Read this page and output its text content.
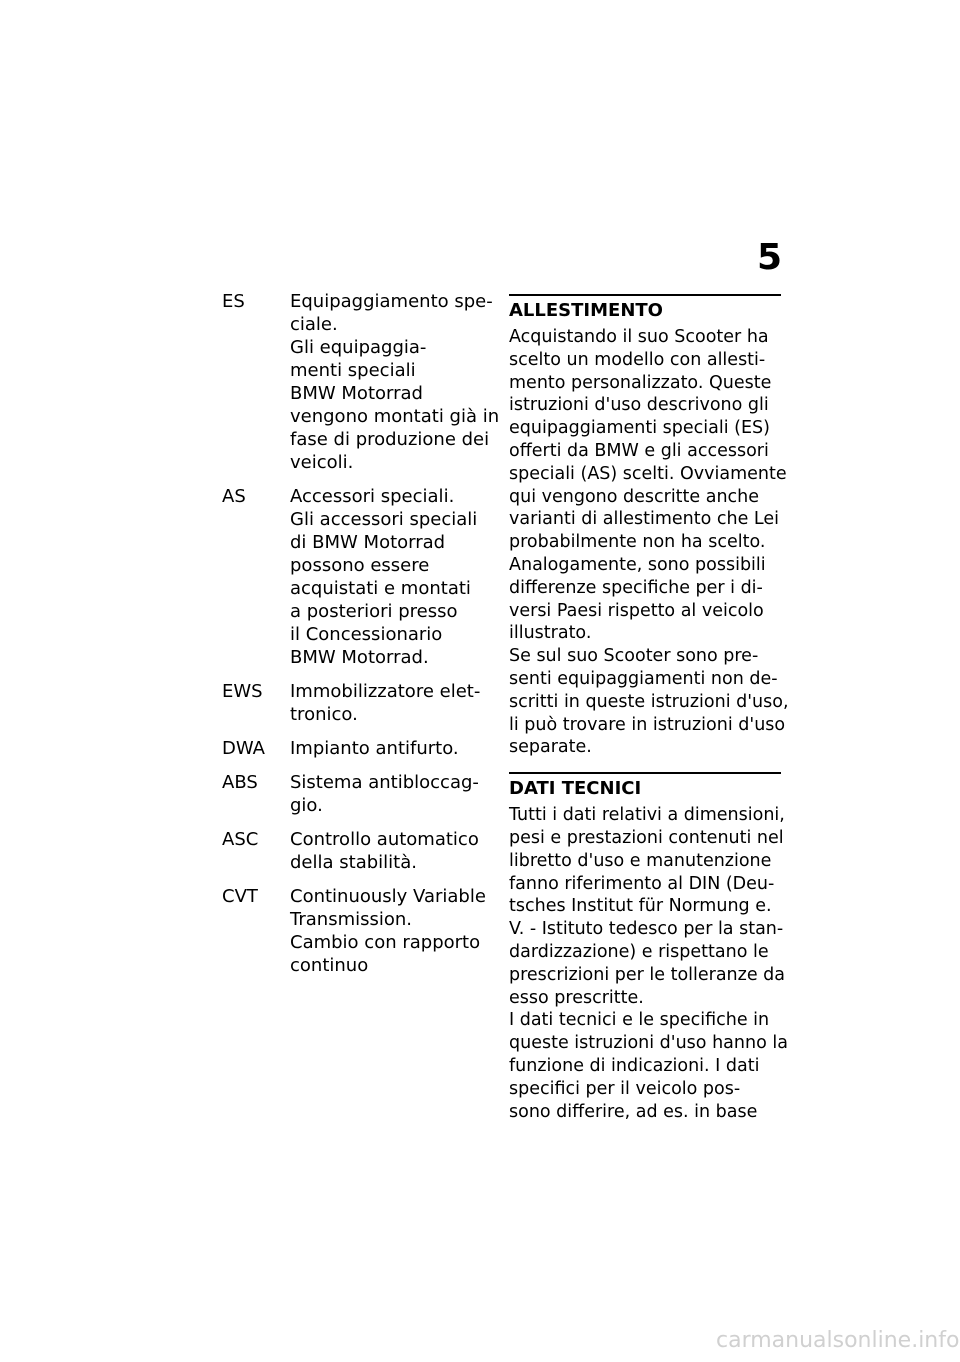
5
ES	Equipaggiamento spe-
ciale.
Gli equipaggia-
menti speciali
BMW Motorrad
vengono montati già in
fase di produzione dei
veicoli.
AS	Accessori speciali.
Gli accessori speciali
di BMW Motorrad
possono essere
acquistati e montati
a posteriori presso
il Concessionario
BMW Motorrad.
EWS	Immobilizzatore elet-
tronico.
DWA	Impianto antifurto.
ABS	Sistema antibloccag-
gio.
ASC	Controllo automatico
della stabilità.
CVT	Continuously Variable
Transmission.
Cambio con rapporto
continuo
ALLESTIMENTO
Acquistando il suo Scooter ha
scelto un modello con allesti-
mento personalizzato. Queste
istruzioni d'uso descrivono gli
equipaggiamenti speciali (ES)
offerti da BMW e gli accessori
speciali (AS) scelti. Ovviamente
qui vengono descritte anche
varianti di allestimento che Lei
probabilmente non ha scelto.
Analogamente, sono possibili
differenze specifiche per i di-
versi Paesi rispetto al veicolo
illustrato.
Se sul suo Scooter sono pre-
senti equipaggiamenti non de-
scritti in queste istruzioni d'uso,
li può trovare in istruzioni d'uso
separate.
DATI TECNICI
Tutti i dati relativi a dimensioni,
pesi e prestazioni contenuti nel
libretto d'uso e manutenzione
fanno riferimento al DIN (Deu-
tsches Institut für Normung e.
V. - Istituto tedesco per la stan-
dardizzazione) e rispettano le
prescrizioni per le tolleranze da
esso prescritte.
I dati tecnici e le specifiche in
queste istruzioni d'uso hanno la
funzione di indicazioni. I dati
specifici per il veicolo pos-
sono differire, ad es. in base
carmanualsonline.info
